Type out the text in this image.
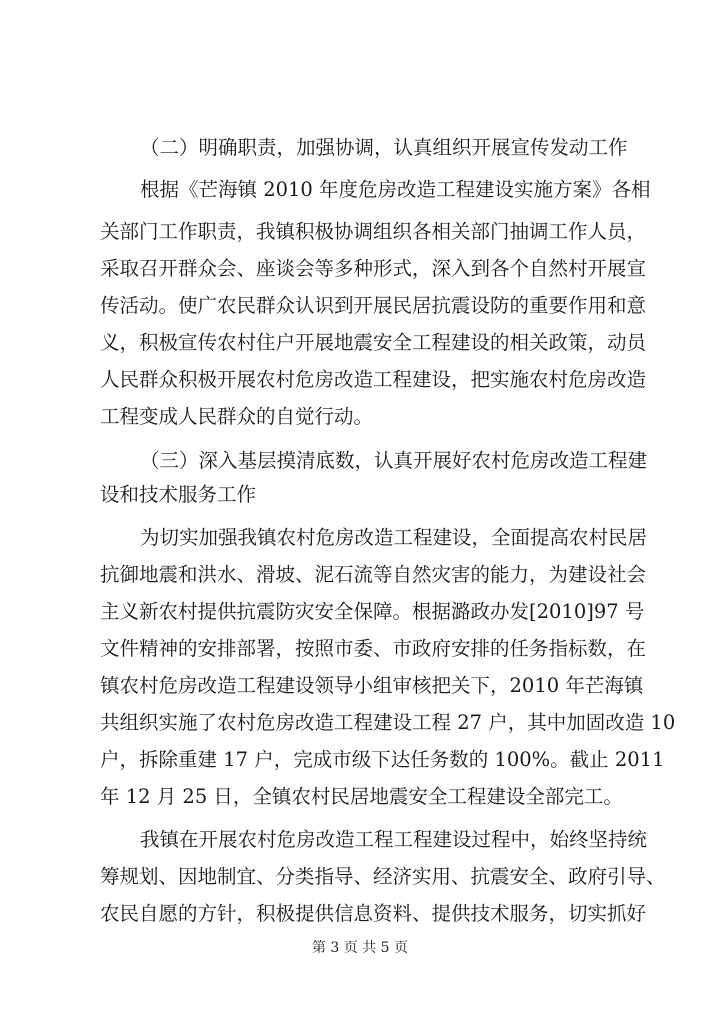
（二）明确职责，加强协调，认真组织开展宣传发动工作
根据《芒海镇 2010 年度危房改造工程建设实施方案》各相
关部门工作职责，我镇积极协调组织各相关部门抽调工作人员，
采取召开群众会、座谈会等多种形式，深入到各个自然村开展宣
传活动。使广农民群众认识到开展民居抗震设防的重要作用和意
义，积极宣传农村住户开展地震安全工程建设的相关政策，动员
人民群众积极开展农村危房改造工程建设，把实施农村危房改造
工程变成人民群众的自觉行动。
（三）深入基层摸清底数，认真开展好农村危房改造工程建
设和技术服务工作
为切实加强我镇农村危房改造工程建设，全面提高农村民居
抗御地震和洪水、滑坡、泥石流等自然灾害的能力，为建设社会
主义新农村提供抗震防灾安全保障。根据潞政办发[2010]97 号
文件精神的安排部署，按照市委、市政府安排的任务指标数，在
镇农村危房改造工程建设领导小组审核把关下，2010 年芒海镇
共组织实施了农村危房改造工程建设工程 27 户，其中加固改造 10
户，拆除重建 17 户，完成市级下达任务数的 100%。截止 2011
年 12 月 25 日，全镇农村民居地震安全工程建设全部完工。
我镇在开展农村危房改造工程工程建设过程中，始终坚持统
筹规划、因地制宜、分类指导、经济实用、抗震安全、政府引导、
农民自愿的方针，积极提供信息资料、提供技术服务，切实抓好
第 3 页 共 5 页
